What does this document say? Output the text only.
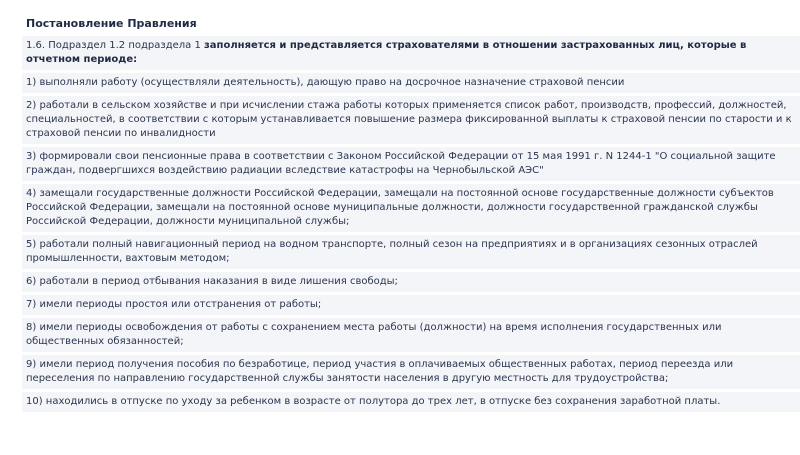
Постановление Правления
1.6. Подраздел 1.2 подраздела 1 заполняется и представляется страхователями в отношении застрахованных лиц, которые в отчетном периоде:
1) выполняли работу (осуществляли деятельность), дающую право на досрочное назначение страховой пенсии
2) работали в сельском хозяйстве и при исчислении стажа работы которых применяется список работ, производств, профессий, должностей, специальностей, в соответствии с которым устанавливается повышение размера фиксированной выплаты к страховой пенсии по старости и к страховой пенсии по инвалидности
3) формировали свои пенсионные права в соответствии с Законом Российской Федерации от 15 мая 1991 г. N 1244-1 "О социальной защите граждан, подвергшихся воздействию радиации вследствие катастрофы на Чернобыльской АЭС"
4) замещали государственные должности Российской Федерации, замещали на постоянной основе государственные должности субъектов Российской Федерации, замещали на постоянной основе муниципальные должности, должности государственной гражданской службы Российской Федерации, должности муниципальной службы;
5) работали полный навигационный период на водном транспорте, полный сезон на предприятиях и в организациях сезонных отраслей промышленности, вахтовым методом;
6) работали в период отбывания наказания в виде лишения свободы;
7) имели периоды простоя или отстранения от работы;
8) имели периоды освобождения от работы с сохранением места работы (должности) на время исполнения государственных или общественных обязанностей;
9) имели период получения пособия по безработице, период участия в оплачиваемых общественных работах, период переезда или переселения по направлению государственной службы занятости населения в другую местность для трудоустройства;
10) находились в отпуске по уходу за ребенком в возрасте от полутора до трех лет, в отпуске без сохранения заработной платы.
